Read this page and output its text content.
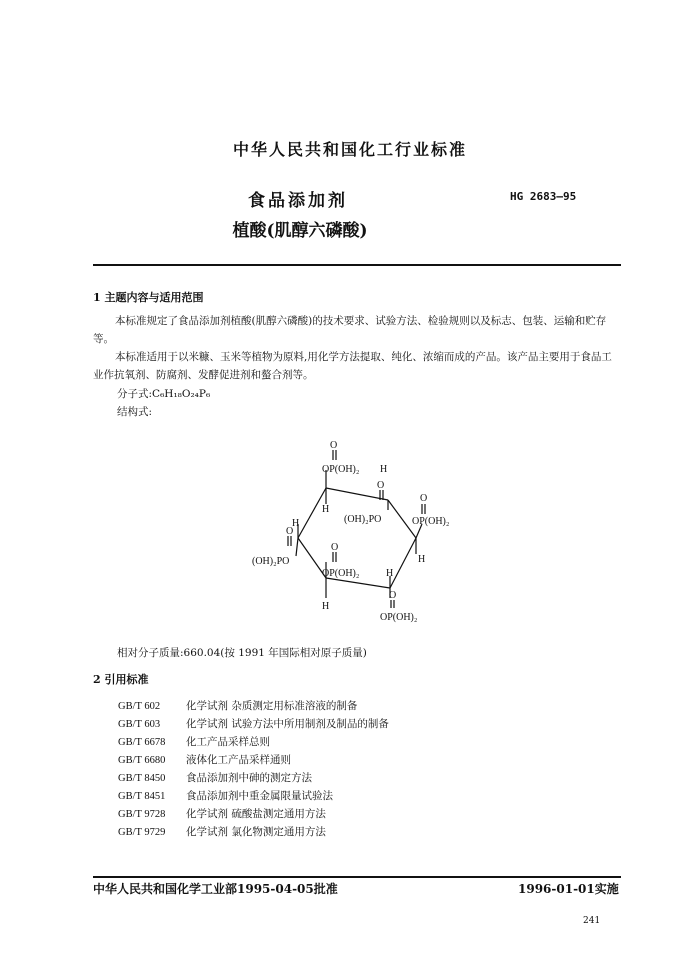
中华人民共和国化工行业标准
食品添加剂	HG 2683—95
植酸(肌醇六磷酸)
1 主题内容与适用范围
本标准规定了食品添加剂植酸(肌醇六磷酸)的技术要求、试验方法、检验规则以及标志、包装、运输和贮存等。
本标准适用于以米糠、玉米等植物为原料,用化学方法提取、纯化、浓缩而成的产品。该产品主要用于食品工业作抗氧剂、防腐剂、发酵促进剂和螯合剂等。
分子式:C₆H₁₈O₂₄P₆
结构式:
O
OP(OH)₂ H
H
O
(OH)₂PO
O
OP(OH)₂
H
H
O
(OH)₂PO
O
OP(OH)₂	H
H
O
OP(OH)₂
相对分子质量:660.04(按 1991 年国际相对原子质量)
2 引用标准
GB/T 602 化学试剂 杂质测定用标准溶液的制备
GB/T 603 化学试剂 试验方法中所用制剂及制品的制备
GB/T 6678 化工产品采样总则
GB/T 6680 液体化工产品采样通则
GB/T 8450 食品添加剂中砷的测定方法
GB/T 8451 食品添加剂中重金属限量试验法
GB/T 9728 化学试剂 硫酸盐测定通用方法
GB/T 9729 化学试剂 氯化物测定通用方法
中华人民共和国化学工业部1995-04-05批准	1996-01-01实施
241
